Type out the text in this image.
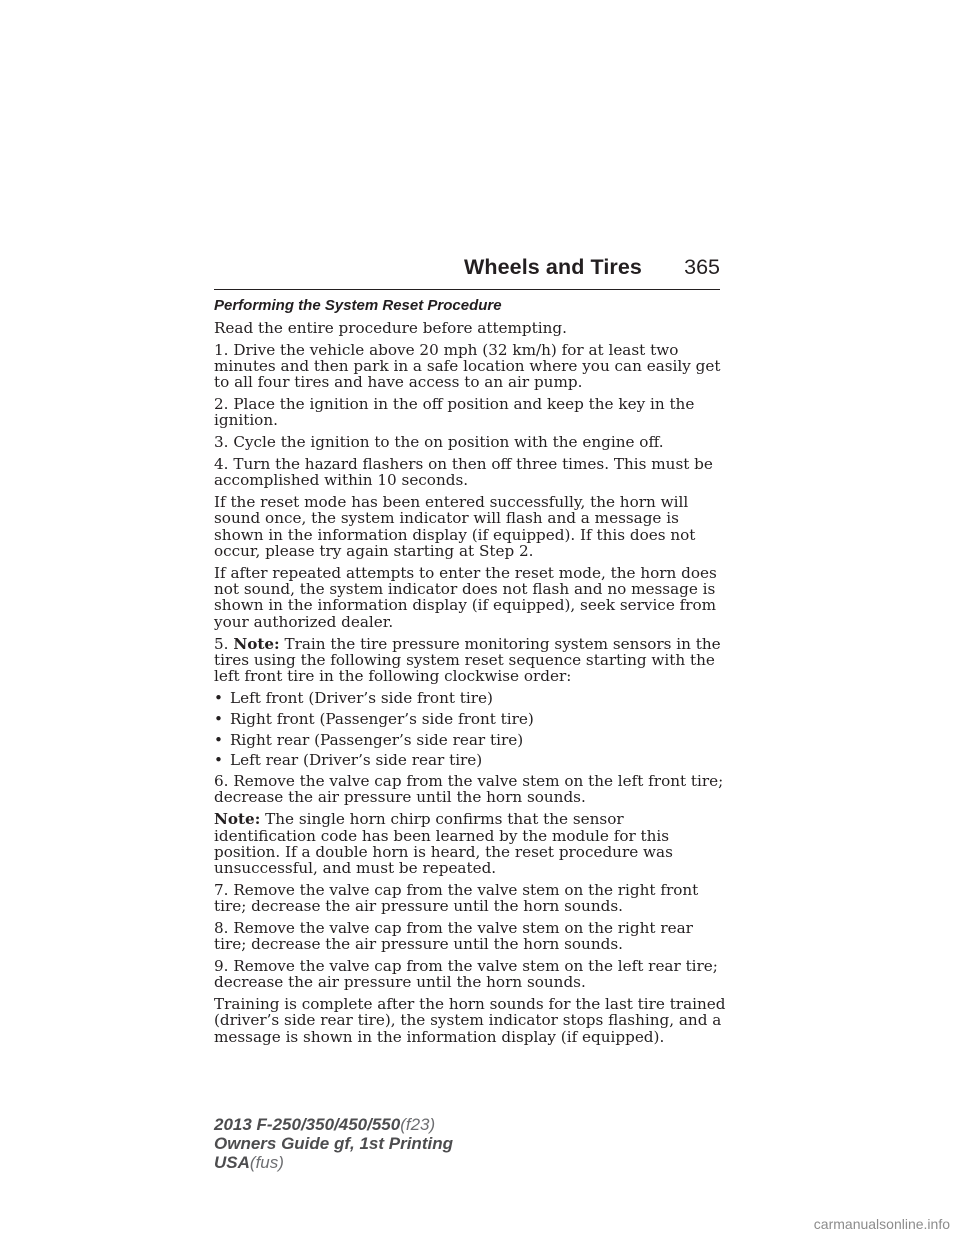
Wheels and Tires 365
Performing the System Reset Procedure

Read the entire procedure before attempting.

1. Drive the vehicle above 20 mph (32 km/h) for at least two minutes and then park in a safe location where you can easily get to all four tires and have access to an air pump.

2. Place the ignition in the off position and keep the key in the ignition.

3. Cycle the ignition to the on position with the engine off.

4. Turn the hazard flashers on then off three times. This must be accomplished within 10 seconds.

If the reset mode has been entered successfully, the horn will sound once, the system indicator will flash and a message is shown in the information display (if equipped). If this does not occur, please try again starting at Step 2.

If after repeated attempts to enter the reset mode, the horn does not sound, the system indicator does not flash and no message is shown in the information display (if equipped), seek service from your authorized dealer.

5. Note: Train the tire pressure monitoring system sensors in the tires using the following system reset sequence starting with the left front tire in the following clockwise order:

• Left front (Driver’s side front tire)
• Right front (Passenger’s side front tire)
• Right rear (Passenger’s side rear tire)
• Left rear (Driver’s side rear tire)

6. Remove the valve cap from the valve stem on the left front tire; decrease the air pressure until the horn sounds.

Note: The single horn chirp confirms that the sensor identification code has been learned by the module for this position. If a double horn is heard, the reset procedure was unsuccessful, and must be repeated.

7. Remove the valve cap from the valve stem on the right front tire; decrease the air pressure until the horn sounds.

8. Remove the valve cap from the valve stem on the right rear tire; decrease the air pressure until the horn sounds.

9. Remove the valve cap from the valve stem on the left rear tire; decrease the air pressure until the horn sounds.

Training is complete after the horn sounds for the last tire trained (driver’s side rear tire), the system indicator stops flashing, and a message is shown in the information display (if equipped).

2013 F-250/350/450/550(f23)
Owners Guide gf, 1st Printing
USA(fus)
carmanualsonline.info
